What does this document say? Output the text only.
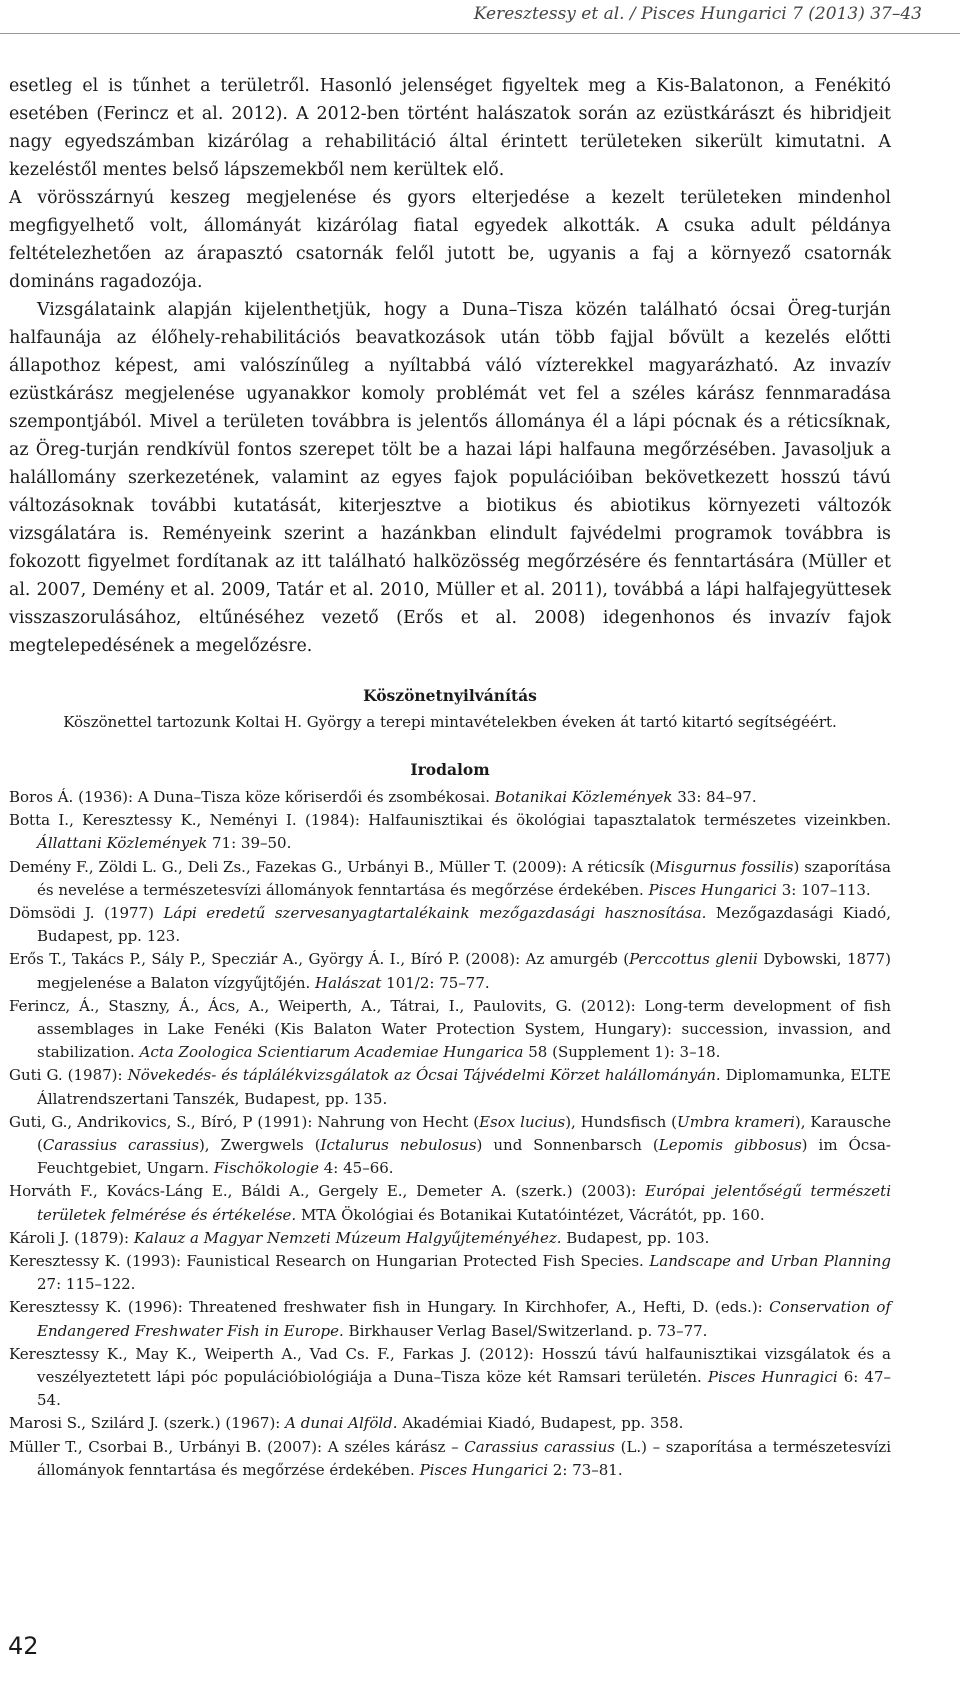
Keresztessy et al. / Pisces Hungarici 7 (2013) 37–43

esetleg el is tűnhet a területről. Hasonló jelenséget figyeltek meg a Kis-Balatonon, a Fenékitó esetében (Ferincz et al. 2012). A 2012-ben történt halászatok során az ezüstkárászt és hibridjeit nagy egyedszámban kizárólag a rehabilitáció által érintett területeken sikerült kimutatni. A kezeléstől mentes belső lápszemekből nem kerültek elő.

A vörösszárnyú keszeg megjelenése és gyors elterjedése a kezelt területeken mindenhol megfigyelhető volt, állományát kizárólag fiatal egyedek alkották. A csuka adult példánya feltételezhetően az árapasztó csatornák felől jutott be, ugyanis a faj a környező csatornák domináns ragadozója.

Vizsgálataink alapján kijelenthetjük, hogy a Duna–Tisza közén található ócsai Öreg-turján halfaunája az élőhely-rehabilitációs beavatkozások után több fajjal bővült a kezelés előtti állapothoz képest, ami valószínűleg a nyíltabbá váló vízterekkel magyarázható. Az invazív ezüstkárász megjelenése ugyanakkor komoly problémát vet fel a széles kárász fennmaradása szempontjából. Mivel a területen továbbra is jelentős állománya él a lápi pócnak és a réticsíknak, az Öreg-turján rendkívül fontos szerepet tölt be a hazai lápi halfauna megőrzésében. Javasoljuk a halállomány szerkezetének, valamint az egyes fajok populációiban bekövetkezett hosszú távú változásoknak további kutatását, kiterjesztve a biotikus és abiotikus környezeti változók vizsgálatára is. Reményeink szerint a hazánkban elindult fajvédelmi programok továbbra is fokozott figyelmet fordítanak az itt található halközösség megőrzésére és fenntartására (Müller et al. 2007, Demény et al. 2009, Tatár et al. 2010, Müller et al. 2011), továbbá a lápi halfajegyüttesek visszaszorulásához, eltűnéséhez vezető (Erős et al. 2008) idegenhonos és invazív fajok megtelepedésének a megelőzésre.

Köszönetnyilvánítás

Köszönettel tartozunk Koltai H. György a terepi mintavételekben éveken át tartó kitartó segítségéért.

Irodalom

Boros Á. (1936): A Duna–Tisza köze kőriserdői és zsombékosai. Botanikai Közlemények 33: 84–97.

Botta I., Keresztessy K., Neményi I. (1984): Halfaunisztikai és ökológiai tapasztalatok természetes vizeinkben. Állattani Közlemények 71: 39–50.

Demény F., Zöldi L. G., Deli Zs., Fazekas G., Urbányi B., Müller T. (2009): A réticsík (Misgurnus fossilis) szaporítása és nevelése a természetesvízi állományok fenntartása és megőrzése érdekében. Pisces Hungarici 3: 107–113.

Dömsödi J. (1977) Lápi eredetű szervesanyagtartalékaink mezőgazdasági hasznosítása. Mezőgazdasági Kiadó, Budapest, pp. 123.

Erős T., Takács P., Sály P., Specziár A., György Á. I., Bíró P. (2008): Az amurgéb (Perccottus glenii Dybowski, 1877) megjelenése a Balaton vízgyűjtőjén. Halászat 101/2: 75–77.

Ferincz, Á., Staszny, Á., Ács, A., Weiperth, A., Tátrai, I., Paulovits, G. (2012): Long-term development of fish assemblages in Lake Fenéki (Kis Balaton Water Protection System, Hungary): succession, invassion, and stabilization. Acta Zoologica Scientiarum Academiae Hungarica 58 (Supplement 1): 3–18.

Guti G. (1987): Növekedés- és táplálékvizsgálatok az Ócsai Tájvédelmi Körzet halállományán. Diplomamunka, ELTE Állatrendszertani Tanszék, Budapest, pp. 135.

Guti, G., Andrikovics, S., Bíró, P (1991): Nahrung von Hecht (Esox lucius), Hundsfisch (Umbra krameri), Karausche (Carassius carassius), Zwergwels (Ictalurus nebulosus) und Sonnenbarsch (Lepomis gibbosus) im Ócsa-Feuchtgebiet, Ungarn. Fischökologie 4: 45–66.

Horváth F., Kovács-Láng E., Báldi A., Gergely E., Demeter A. (szerk.) (2003): Európai jelentőségű természeti területek felmérése és értékelése. MTA Ökológiai és Botanikai Kutatóintézet, Vácrátót, pp. 160.

Károli J. (1879): Kalauz a Magyar Nemzeti Múzeum Halgyűjteményéhez. Budapest, pp. 103.

Keresztessy K. (1993): Faunistical Research on Hungarian Protected Fish Species. Landscape and Urban Planning 27: 115–122.

Keresztessy K. (1996): Threatened freshwater fish in Hungary. In Kirchhofer, A., Hefti, D. (eds.): Conservation of Endangered Freshwater Fish in Europe. Birkhauser Verlag Basel/Switzerland. p. 73–77.

Keresztessy K., May K., Weiperth A., Vad Cs. F., Farkas J. (2012): Hosszú távú halfaunisztikai vizsgálatok és a veszélyeztetett lápi póc populációbiológiája a Duna–Tisza köze két Ramsari területén. Pisces Hunragici 6: 47–54.

Marosi S., Szilárd J. (szerk.) (1967): A dunai Alföld. Akadémiai Kiadó, Budapest, pp. 358.

Müller T., Csorbai B., Urbányi B. (2007): A széles kárász – Carassius carassius (L.) – szaporítása a természetesvízi állományok fenntartása és megőrzése érdekében. Pisces Hungarici 2: 73–81.

42
